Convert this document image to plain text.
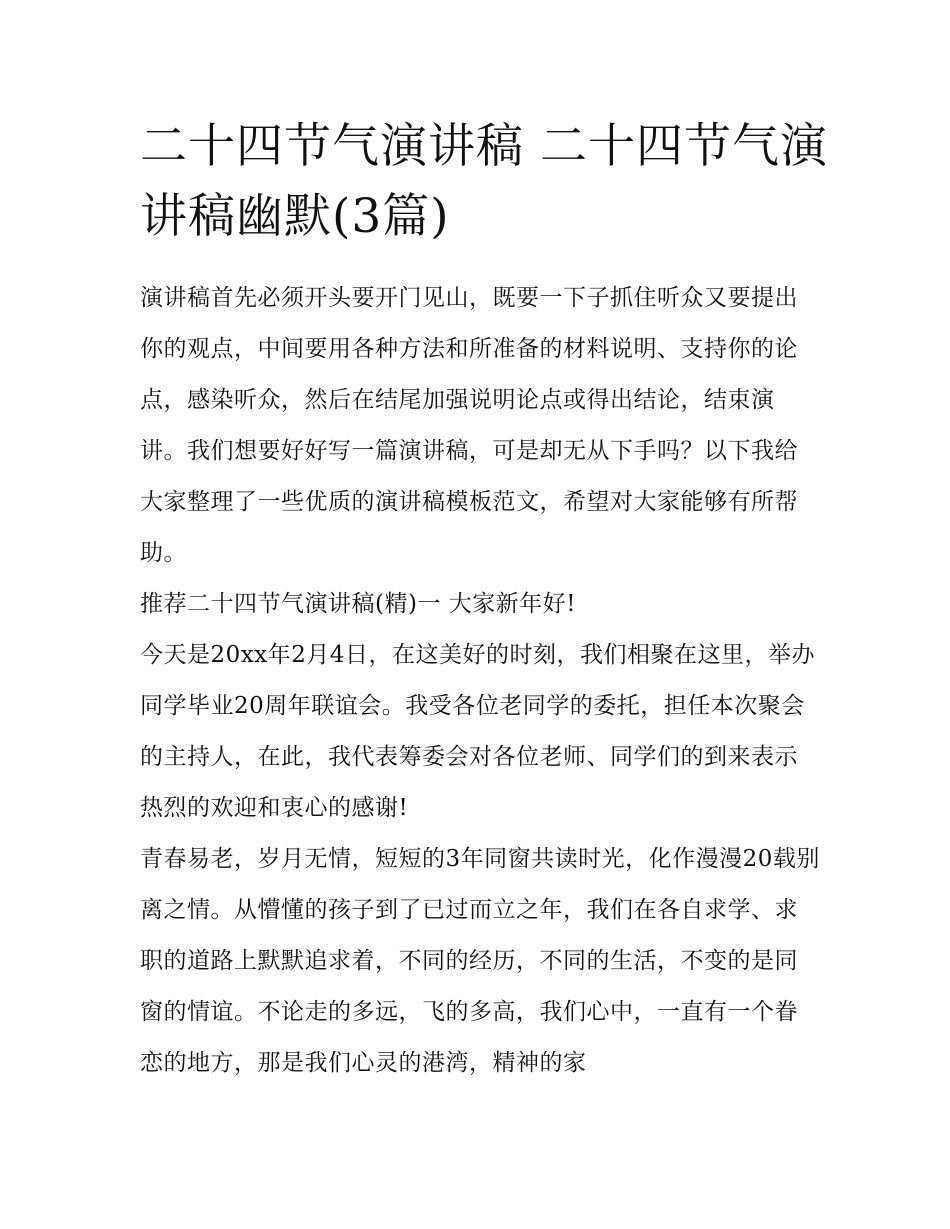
二十四节气演讲稿 二十四节气演讲稿幽默(3篇)

演讲稿首先必须开头要开门见山，既要一下子抓住听众又要提出你的观点，中间要用各种方法和所准备的材料说明、支持你的论点，感染听众，然后在结尾加强说明论点或得出结论，结束演讲。我们想要好好写一篇演讲稿，可是却无从下手吗？以下我给大家整理了一些优质的演讲稿模板范文，希望对大家能够有所帮助。

推荐二十四节气演讲稿(精)一 大家新年好!

今天是20xx年2月4日，在这美好的时刻，我们相聚在这里，举办同学毕业20周年联谊会。我受各位老同学的委托，担任本次聚会的主持人，在此，我代表筹委会对各位老师、同学们的到来表示热烈的欢迎和衷心的感谢!

青春易老，岁月无情，短短的3年同窗共读时光，化作漫漫20载别离之情。从懵懂的孩子到了已过而立之年，我们在各自求学、求职的道路上默默追求着，不同的经历，不同的生活，不变的是同窗的情谊。不论走的多远，飞的多高，我们心中，一直有一个眷恋的地方，那是我们心灵的港湾，精神的家
